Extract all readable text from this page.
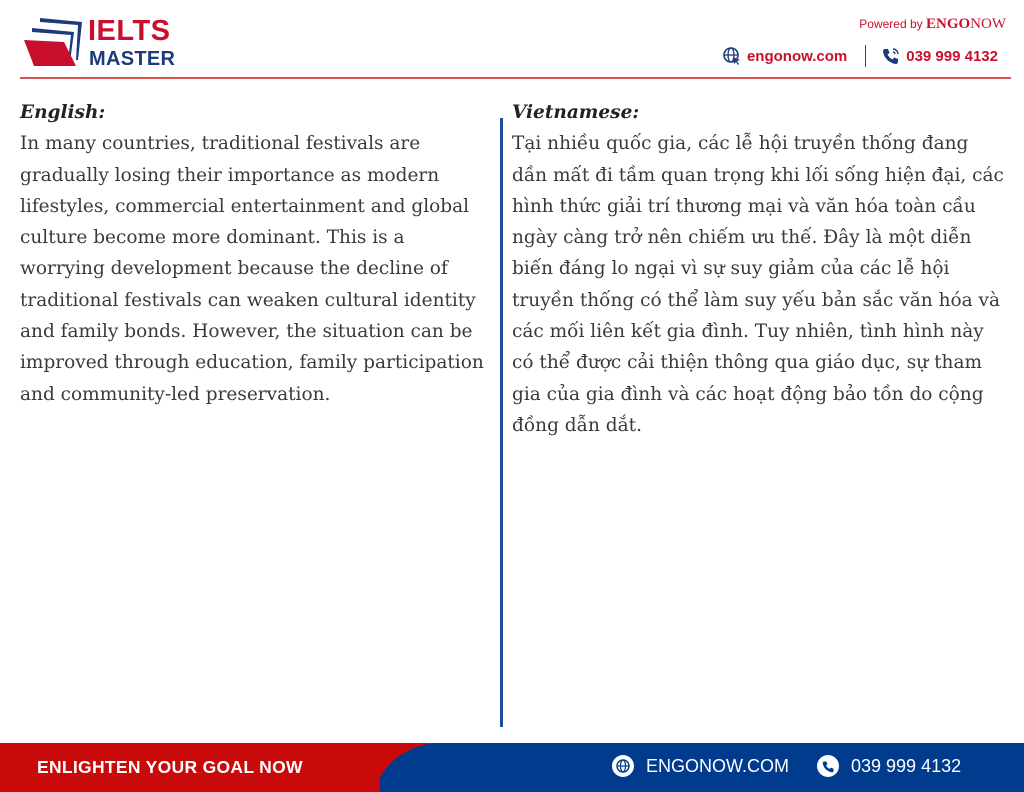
IELTS
MASTER
Powered by ENGONOW
engonow.com	039 999 4132
English:
In many countries, traditional festivals are gradually losing their importance as modern lifestyles, commercial entertainment and global culture become more dominant. This is a worrying development because the decline of traditional festivals can weaken cultural identity and family bonds. However, the situation can be improved through education, family participation and community-led preservation.
Vietnamese:
Tại nhiều quốc gia, các lễ hội truyền thống đang dần mất đi tầm quan trọng khi lối sống hiện đại, các hình thức giải trí thương mại và văn hóa toàn cầu ngày càng trở nên chiếm ưu thế. Đây là một diễn biến đáng lo ngại vì sự suy giảm của các lễ hội truyền thống có thể làm suy yếu bản sắc văn hóa và các mối liên kết gia đình. Tuy nhiên, tình hình này có thể được cải thiện thông qua giáo dục, sự tham gia của gia đình và các hoạt động bảo tồn do cộng đồng dẫn dắt.
ENLIGHTEN YOUR GOAL NOW	ENGONOW.COM	039 999 4132
